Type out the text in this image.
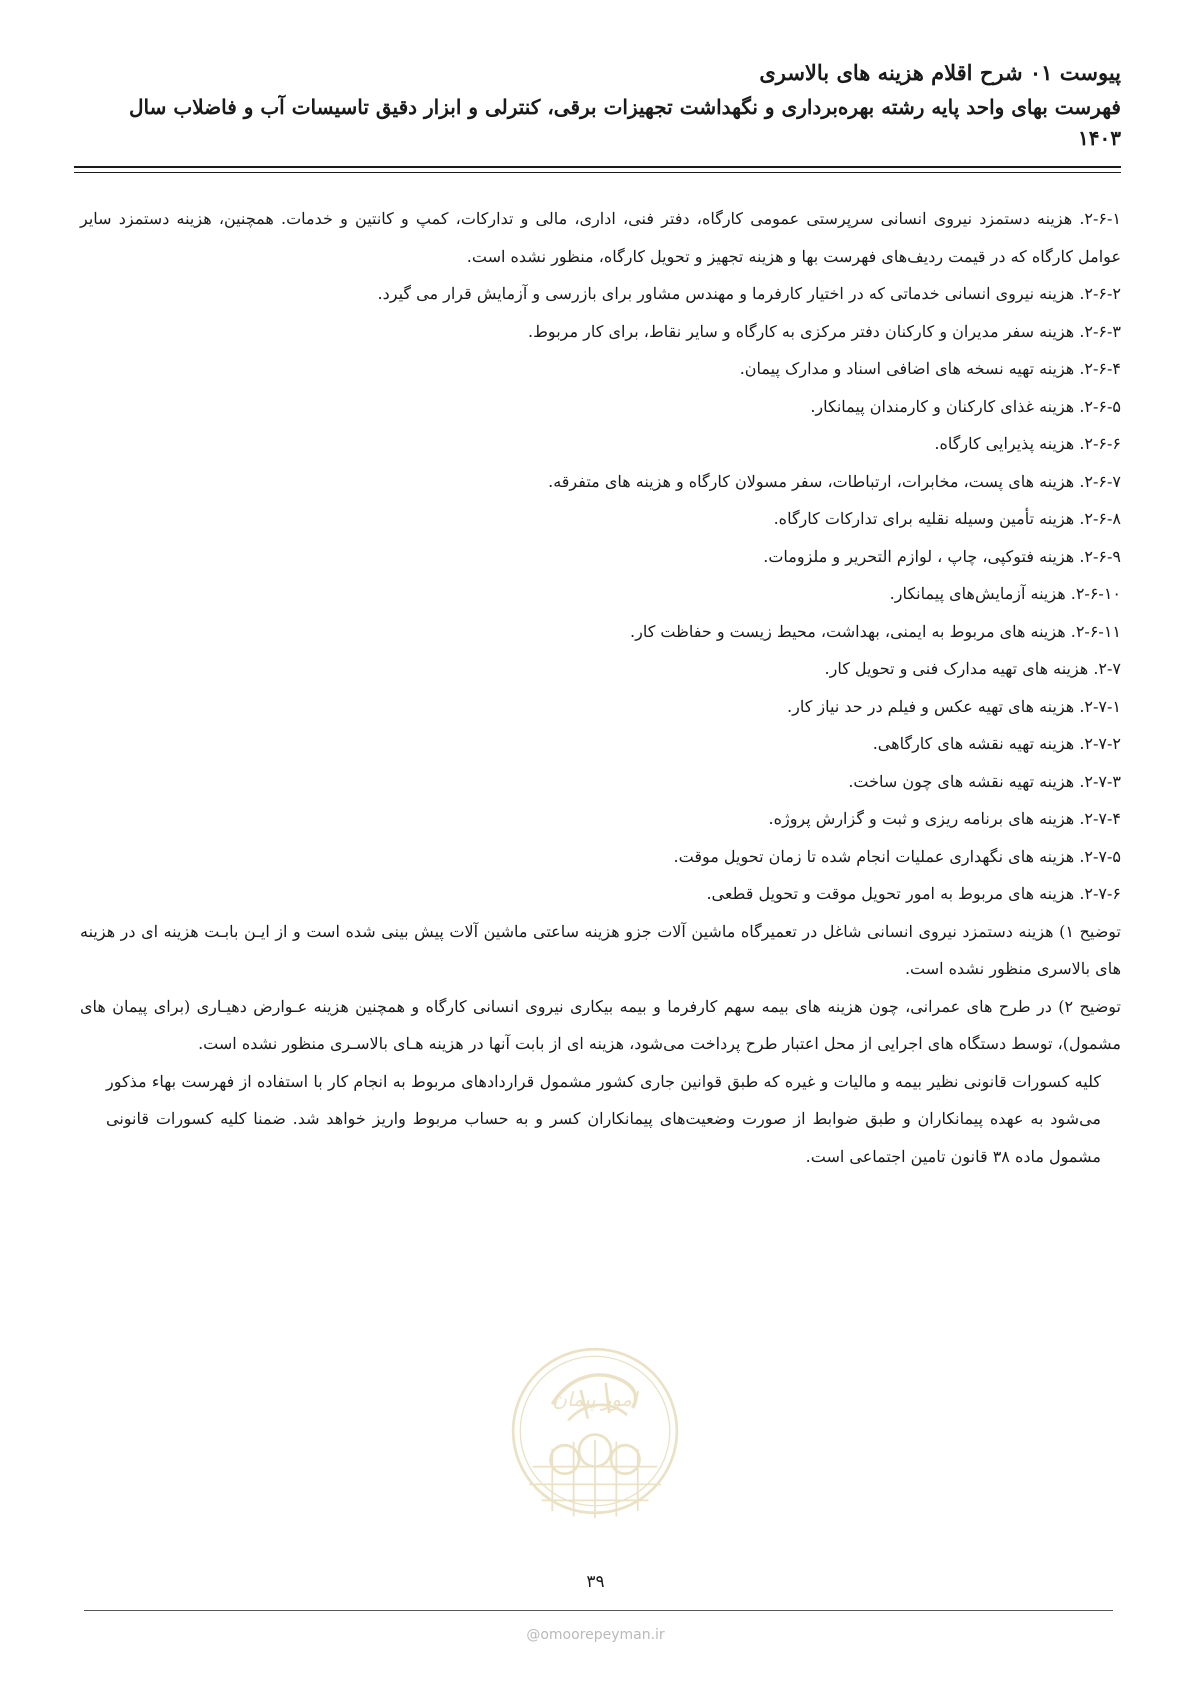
پیوست ۰۱ شرح اقلام هزینه های بالاسری
فهرست بهای واحد پایه رشته بهره‌برداری و نگهداشت تجهیزات برقی، کنترلی و ابزار دقیق تاسیسات آب و فاضلاب سال ۱۴۰۳

۲-۶-۱. هزینه دستمزد نیروی انسانی سرپرستی عمومی کارگاه، دفتر فنی، اداری، مالی و تدارکات، کمپ و کانتین و خدمات. همچنین، هزینه دستمزد سایر عوامل کارگاه که در قیمت ردیف‌های فهرست بها و هزینه تجهیز و تحویل کارگاه، منظور نشده است.

۲-۶-۲. هزینه نیروی انسانی خدماتی که در اختیار کارفرما و مهندس مشاور برای بازرسی و آزمایش قرار می گیرد.

۲-۶-۳. هزینه سفر مدیران و کارکنان دفتر مرکزی به کارگاه و سایر نقاط، برای کار مربوط.

۲-۶-۴. هزینه تهیه نسخه های اضافی اسناد و مدارک پیمان.

۲-۶-۵. هزینه غذای کارکنان و کارمندان پیمانکار.

۲-۶-۶. هزینه پذیرایی کارگاه.

۲-۶-۷. هزینه های پست، مخابرات، ارتباطات، سفر مسولان کارگاه و هزینه های متفرقه.

۲-۶-۸. هزینه تأمین وسیله نقلیه برای تدارکات کارگاه.

۲-۶-۹. هزینه فتوکپی، چاپ ، لوازم التحریر و ملزومات.

۲-۶-۱۰. هزینه آزمایش‌های پیمانکار.

۲-۶-۱۱. هزینه های مربوط به ایمنی، بهداشت، محیط زیست و حفاظت کار.

۲-۷. هزینه های تهیه مدارک فنی و تحویل کار.

۲-۷-۱. هزینه های تهیه عکس و فیلم در حد نیاز کار.

۲-۷-۲. هزینه تهیه نقشه های کارگاهی.

۲-۷-۳. هزینه تهیه نقشه های چون ساخت.

۲-۷-۴. هزینه های برنامه ریزی و ثبت و گزارش پروژه.

۲-۷-۵. هزینه های نگهداری عملیات انجام شده تا زمان تحویل موقت.

۲-۷-۶. هزینه های مربوط به امور تحویل موقت و تحویل قطعی.

توضیح ۱) هزینه دستمزد نیروی انسانی شاغل در تعمیرگاه ماشین آلات جزو هزینه ساعتی ماشین آلات پیش بینی شده است و از ایـن بابـت هزینه ای در هزینه های بالاسری منظور نشده است.

توضیح ۲) در طرح های عمرانی، چون هزینه های بیمه سهم کارفرما و بیمه بیکاری نیروی انسانی کارگاه و همچنین هزینه عـوارض دهیـاری (برای پیمان های مشمول)، توسط دستگاه های اجرایی از محل اعتبار طرح پرداخت می‌شود، هزینه ای از بابت آنها در هزینه هـای بالاسـری منظور نشده است.

کلیه کسورات قانونی نظیر بیمه و مالیات و غیره که طبق قوانین جاری کشور مشمول قراردادهای مربوط به انجام کار با استفاده از فهرست بهاء مذکور می‌شود به عهده پیمانکاران و طبق ضوابط از صورت وضعیت‌های پیمانکاران کسر و به حساب مربوط واریز خواهد شد. ضمنا کلیه کسورات قانونی مشمول ماده ۳۸ قانون تامین اجتماعی است.

امور پیمان
۳۹
@omoorepeyman.ir
